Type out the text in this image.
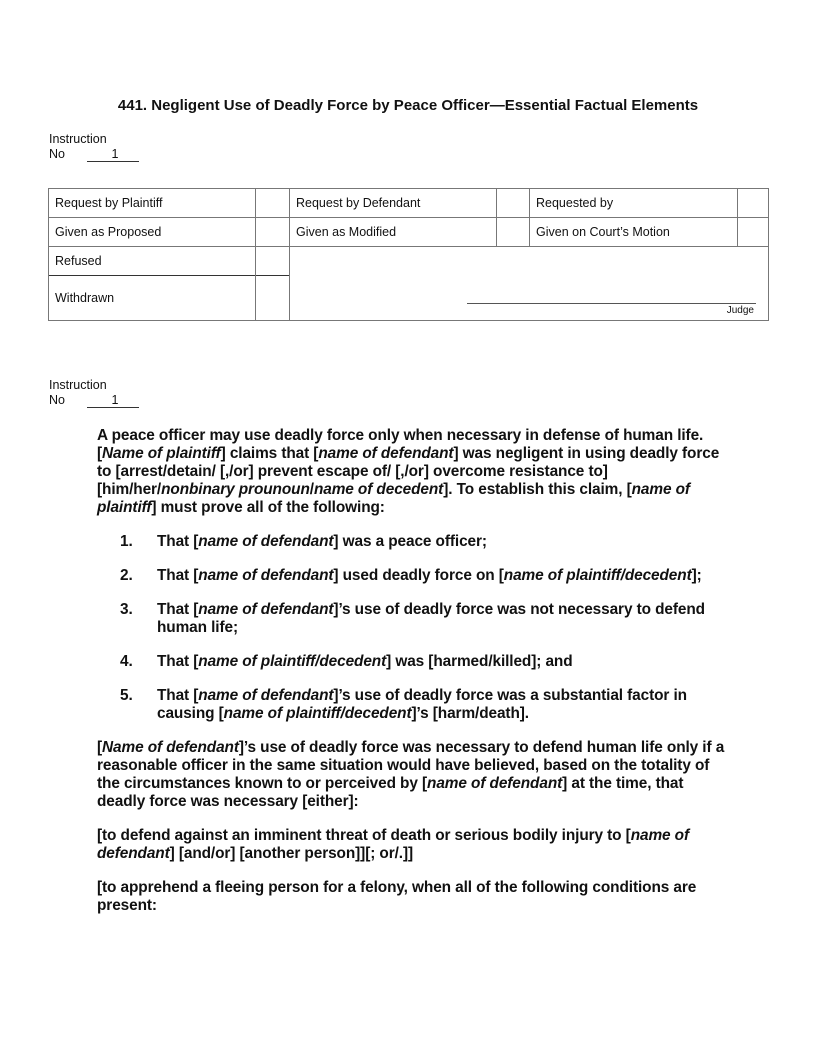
441. Negligent Use of Deadly Force by Peace Officer—Essential Factual Elements
Instruction
No	1
Request by Plaintiff	Request by Defendant	Requested by
Given as Proposed	Given as Modified	Given on Court’s Motion
Refused
Withdrawn
Judge
Instruction
No	1

A peace officer may use deadly force only when necessary in defense of human life. [Name of plaintiff] claims that [name of defendant] was negligent in using deadly force to [arrest/detain/ [,/or] prevent escape of/ [,/or] overcome resistance to] [him/her/nonbinary prounoun/name of decedent]. To establish this claim, [name of plaintiff] must prove all of the following:

1.	That [name of defendant] was a peace officer;
2.	That [name of defendant] used deadly force on [name of plaintiff/decedent];
3.	That [name of defendant]’s use of deadly force was not necessary to defend human life;
4.	That [name of plaintiff/decedent] was [harmed/killed]; and
5.	That [name of defendant]’s use of deadly force was a substantial factor in causing [name of plaintiff/decedent]’s [harm/death].

[Name of defendant]’s use of deadly force was necessary to defend human life only if a reasonable officer in the same situation would have believed, based on the totality of the circumstances known to or perceived by [name of defendant] at the time, that deadly force was necessary [either]:

[to defend against an imminent threat of death or serious bodily injury to [name of defendant] [and/or] [another person]][; or/.]]

[to apprehend a fleeing person for a felony, when all of the following conditions are present:
